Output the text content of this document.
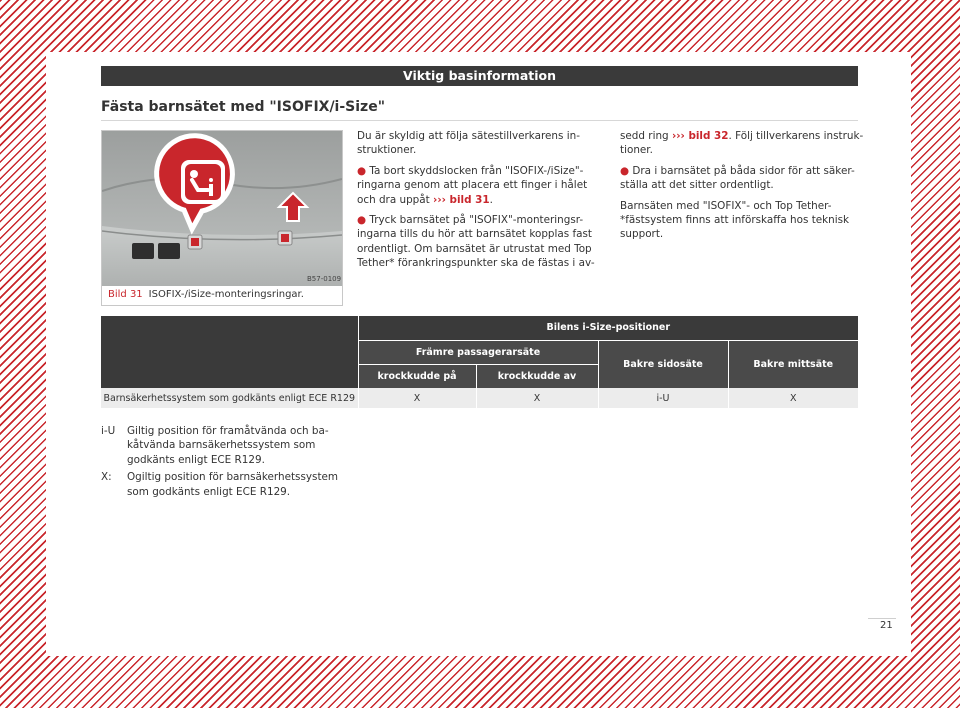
Viktig basinformation
Fästa barnsätet med "ISOFIX/i-Size"
B57-0109
Bild 31 ISOFIX-/iSize-monteringsringar.

Du är skyldig att följa sätestillverkarens in-struktioner.

● Ta bort skyddslocken från "ISOFIX-/iSize"-ringarna genom att placera ett finger i hålet och dra uppåt ››› bild 31.

● Tryck barnsätet på "ISOFIX"-monteringsr-ingarna tills du hör att barnsätet kopplas fast ordentligt. Om barnsätet är utrustat med Top Tether* förankringspunkter ska de fästas i av-

sedd ring ››› bild 32. Följ tillverkarens instruk-tioner.

● Dra i barnsätet på båda sidor för att säker-ställa att det sitter ordentligt.

Barnsäten med "ISOFIX"- och Top Tether-*fästsystem finns att införskaffa hos teknisk support.

	Bilens i-Size-positioner			
	Främre passagerarsäte		Bakre sidosäte	Bakre mittsäte
	krockkudde på	krockkudde av		
Barnsäkerhetssystem som godkänts enligt ECE R129	X	X	i-U	X
i-U	Giltig position för framåtvända och ba-kåtvända barnsäkerhetssystem som godkänts enligt ECE R129.
X:	Ogiltig position för barnsäkerhetssystem som godkänts enligt ECE R129.
21
